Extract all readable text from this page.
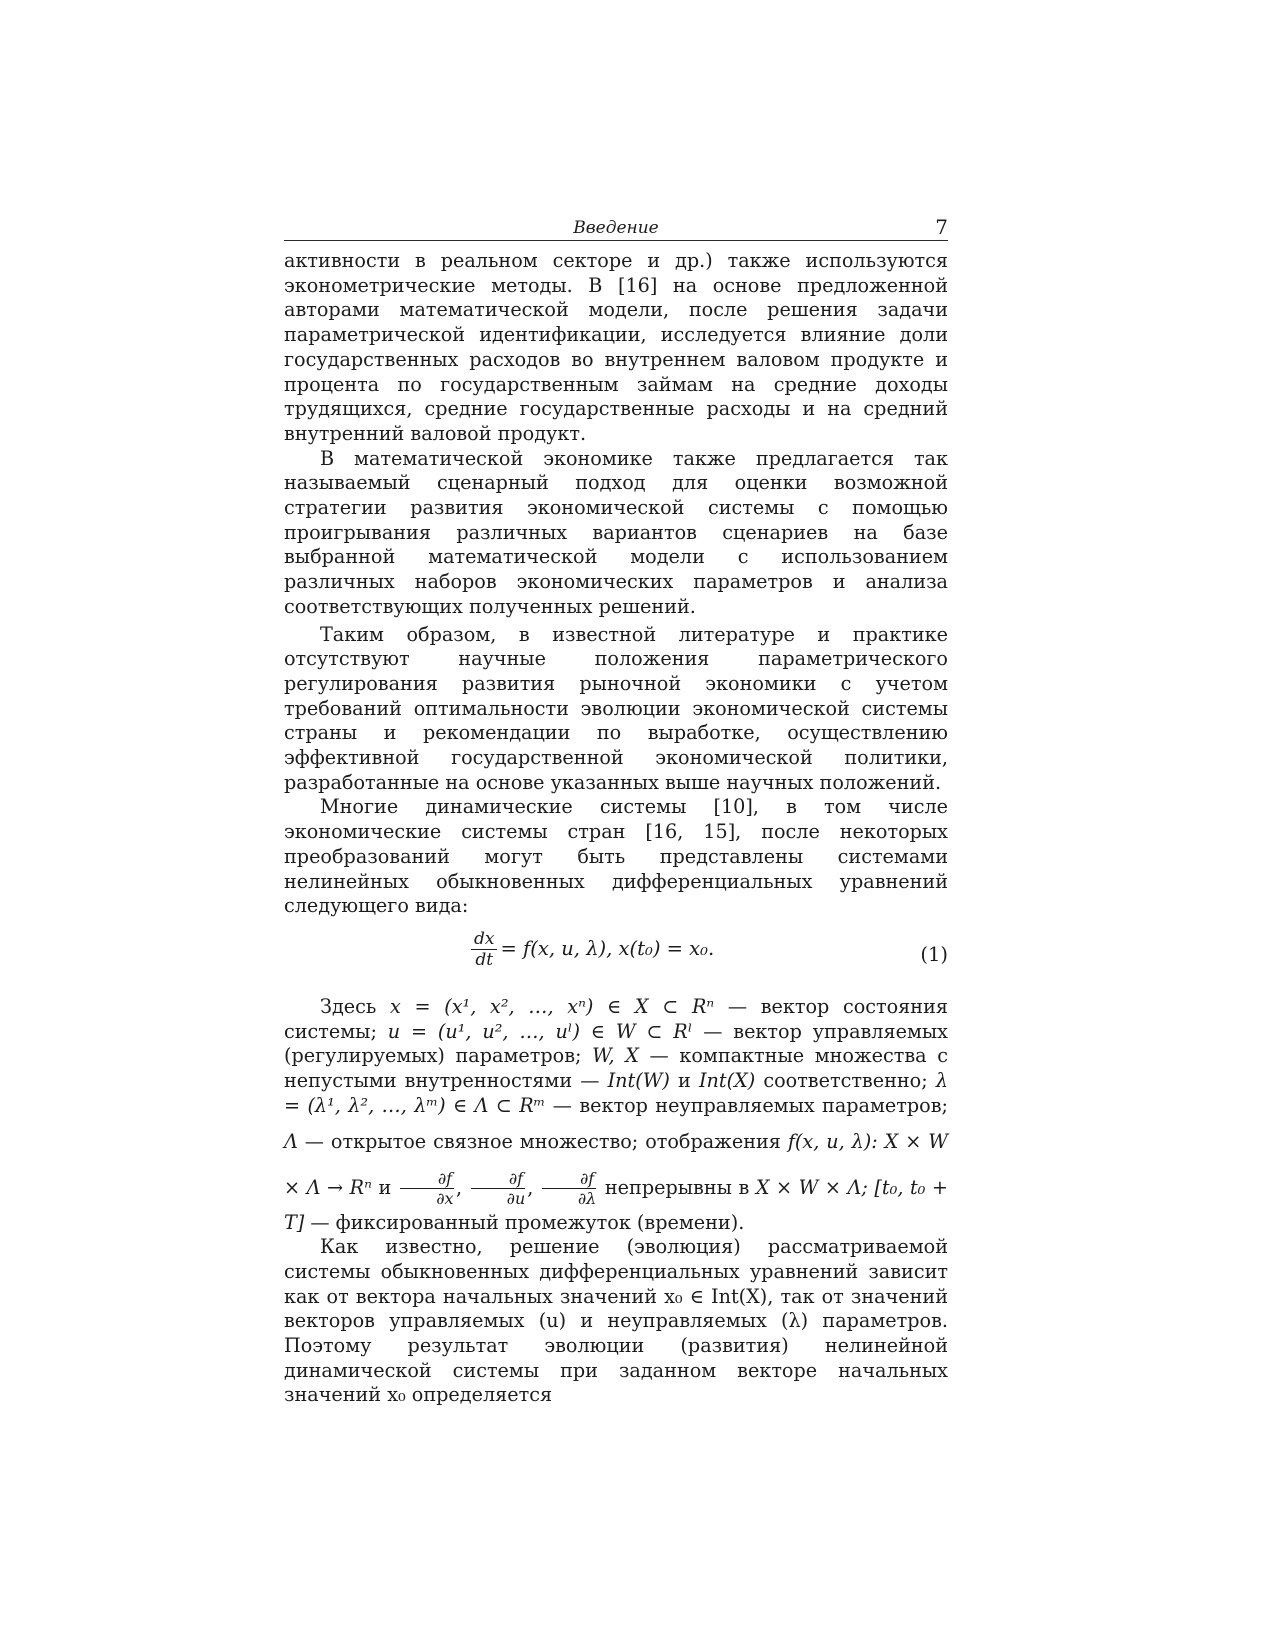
Введение	7

активности в реальном секторе и др.) также используются эконометрические методы. В [16] на основе предложенной авторами математической модели, после решения задачи параметрической идентификации, исследуется влияние доли государственных расходов во внутреннем валовом продукте и процента по государственным займам на средние доходы трудящихся, средние государственные расходы и на средний внутренний валовой продукт.

В математической экономике также предлагается так называемый сценарный подход для оценки возможной стратегии развития экономической системы с помощью проигрывания различных вариантов сценариев на базе выбранной математической модели с использованием различных наборов экономических параметров и анализа соответствующих полученных решений.

Таким образом, в известной литературе и практике отсутствуют научные положения параметрического регулирования развития рыночной экономики с учетом требований оптимальности эволюции экономической системы страны и рекомендации по выработке, осуществлению эффективной государственной экономической политики, разработанные на основе указанных выше научных положений.

Многие динамические системы [10], в том числе экономические системы стран [16, 15], после некоторых преобразований могут быть представлены системами нелинейных обыкновенных дифференциальных уравнений следующего вида:

$\frac{dx}{dt} = f(x$, u, λ), x(t₀) = x₀.	(1)

Здесь x = (x¹, x², …, xⁿ) ∈ X ⊂ Rⁿ — вектор состояния системы; u = (u¹, u², …, uˡ) ∈ W ⊂ Rˡ — вектор управляемых (регулируемых) параметров; W, X — компактные множества с непустыми внутренностями — Int(W) и Int(X) соответственно; λ = (λ¹, λ², …, λᵐ) ∈ Λ ⊂ Rᵐ — вектор неуправляемых параметров; Λ — открытое связное множество; отображения f(x, u, λ): X × W × Λ → Rⁿ и $\frac{\partial f}{\partial x}$ , $\frac{\partial f}{\partial u}$ , $\frac{\partial f}{\partial\lambda}$ непрерывны в X × W × Λ; [t₀, t₀ + T] — фиксированный промежуток (времени).

Как известно, решение (эволюция) рассматриваемой системы обыкновенных дифференциальных уравнений зависит как от вектора начальных значений x₀ ∈ Int(X), так от значений векторов управляемых (u) и неуправляемых (λ) параметров. Поэтому результат эволюции (развития) нелинейной динамической системы при заданном векторе начальных значений x₀ определяется
